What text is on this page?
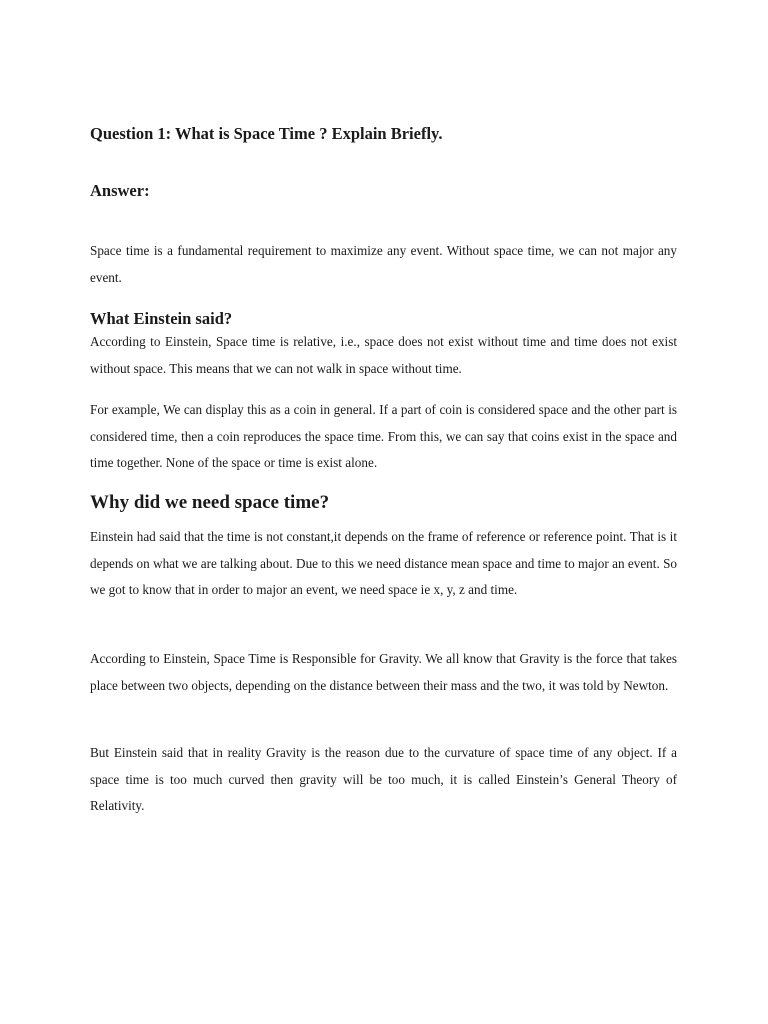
Question 1: What is Space Time ? Explain Briefly.
Answer:

Space time is a fundamental requirement to maximize any event. Without space time, we can not major any event.

What Einstein said?

According to Einstein, Space time is relative, i.e., space does not exist without time and time does not exist without space. This means that we can not walk in space without time.

For example, We can display this as a coin in general. If a part of coin is considered space and the other part is considered time, then a coin reproduces the space time. From this, we can say that coins exist in the space and time together. None of the space or time is exist alone.

Why did we need space time?

Einstein had said that the time is not constant,it depends on the frame of reference or reference point. That is it depends on what we are talking about. Due to this we need distance mean space and time to major an event. So we got to know that in order to major an event, we need space ie x, y, z and time.

According to Einstein, Space Time is Responsible for Gravity. We all know that Gravity is the force that takes place between two objects, depending on the distance between their mass and the two, it was told by Newton.

But Einstein said that in reality Gravity is the reason due to the curvature of space time of any object. If a space time is too much curved then gravity will be too much, it is called Einstein’s General Theory of Relativity.
